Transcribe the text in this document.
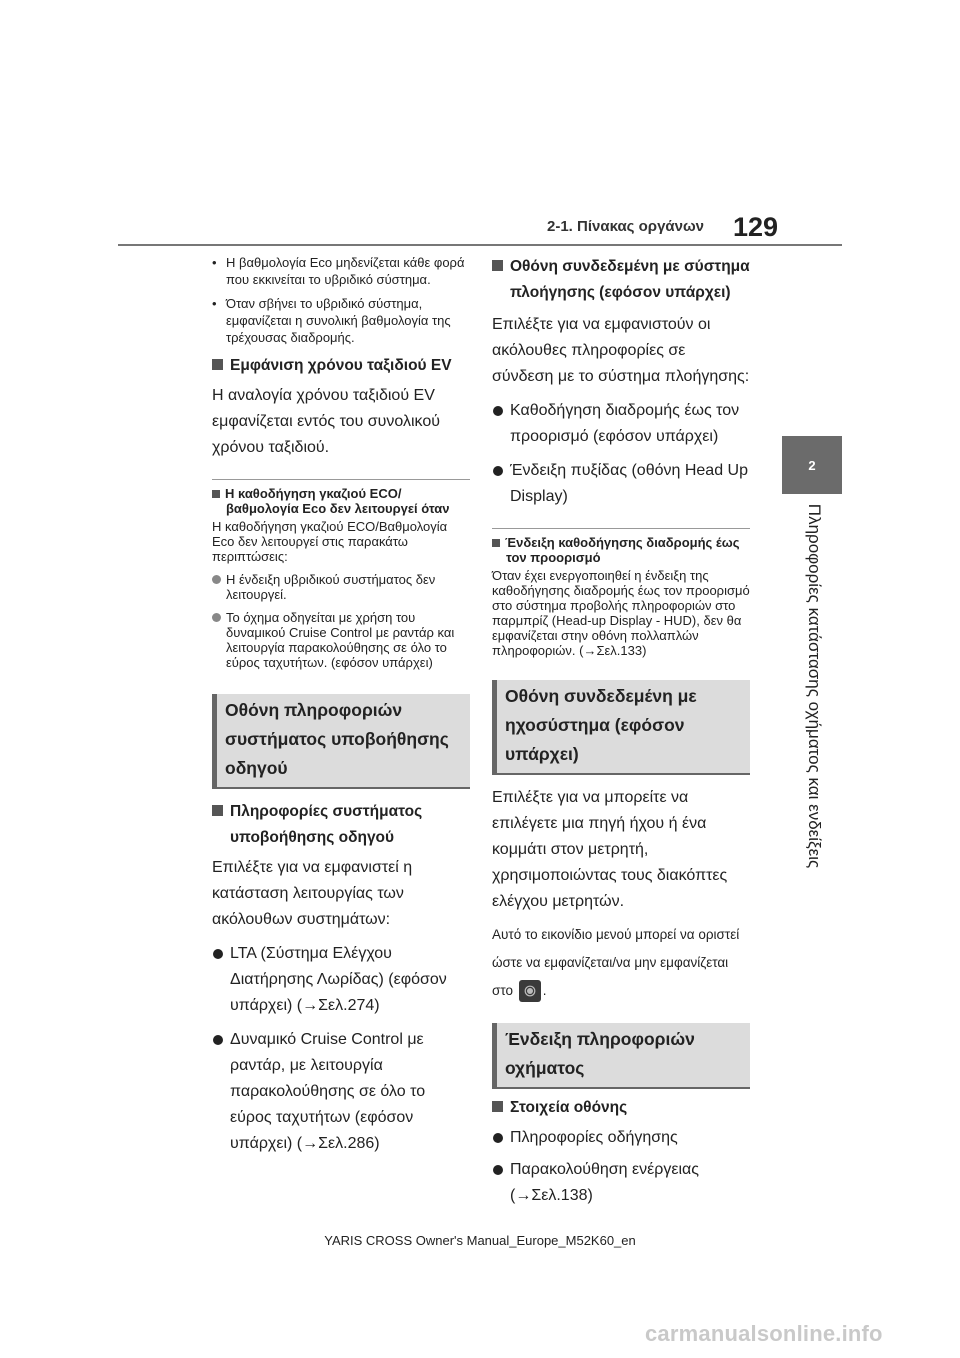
2-1. Πίνακας οργάνων 129
2
Πληροφορίες κατάστασης οχήματος και ενδείξεις

• Η βαθμολογία Eco μηδενίζεται κάθε φορά που εκκινείται το υβριδικό σύστημα.

• Όταν σβήνει το υβριδικό σύστημα, εμφανίζεται η συνολική βαθμολογία της τρέχουσας διαδρομής.

Εμφάνιση χρόνου ταξιδιού EV

Η αναλογία χρόνου ταξιδιού EV εμφανίζεται εντός του συνολικού χρόνου ταξιδιού.

Η καθοδήγηση γκαζιού ECO/βαθμολογία Eco δεν λειτουργεί όταν

Η καθοδήγηση γκαζιού ECO/Βαθμολογία Eco δεν λειτουργεί στις παρακάτω περιπτώσεις:

Η ένδειξη υβριδικού συστήματος δεν λειτουργεί.

Το όχημα οδηγείται με χρήση του δυναμικού Cruise Control με ραντάρ και λειτουργία παρακολούθησης σε όλο το εύρος ταχυτήτων. (εφόσον υπάρχει)

Οθόνη πληροφοριών συστήματος υποβοήθησης οδηγού

Πληροφορίες συστήματος υποβοήθησης οδηγού

Επιλέξτε για να εμφανιστεί η κατάσταση λειτουργίας των ακόλουθων συστημάτων:

LTA (Σύστημα Ελέγχου Διατήρησης Λωρίδας) (εφόσον υπάρχει) (→Σελ.274)

Δυναμικό Cruise Control με ραντάρ, με λειτουργία παρακολούθησης σε όλο το εύρος ταχυτήτων (εφόσον υπάρχει) (→Σελ.286)

Οθόνη συνδεδεμένη με σύστημα πλοήγησης (εφόσον υπάρχει)

Επιλέξτε για να εμφανιστούν οι ακόλουθες πληροφορίες σε σύνδεση με το σύστημα πλοήγησης:

Καθοδήγηση διαδρομής έως τον προορισμό (εφόσον υπάρχει)

Ένδειξη πυξίδας (οθόνη Head Up Display)

Ένδειξη καθοδήγησης διαδρομής έως τον προορισμό

Όταν έχει ενεργοποιηθεί η ένδειξη της καθοδήγησης διαδρομής έως τον προορισμό στο σύστημα προβολής πληροφοριών στο παρμπρίζ (Head-up Display - HUD), δεν θα εμφανίζεται στην οθόνη πολλαπλών πληροφοριών. (→Σελ.133)

Οθόνη συνδεδεμένη με ηχοσύστημα (εφόσον υπάρχει)

Επιλέξτε για να μπορείτε να επιλέγετε μια πηγή ήχου ή ένα κομμάτι στον μετρητή, χρησιμοποιώντας τους διακόπτες ελέγχου μετρητών.

Αυτό το εικονίδιο μενού μπορεί να οριστεί ώστε να εμφανίζεται/να μην εμφανίζεται στο .

Ένδειξη πληροφοριών οχήματος

Στοιχεία οθόνης

Πληροφορίες οδήγησης

Παρακολούθηση ενέργειας (→Σελ.138)

YARIS CROSS Owner's Manual_Europe_M52K60_en
carmanualsonline.info
